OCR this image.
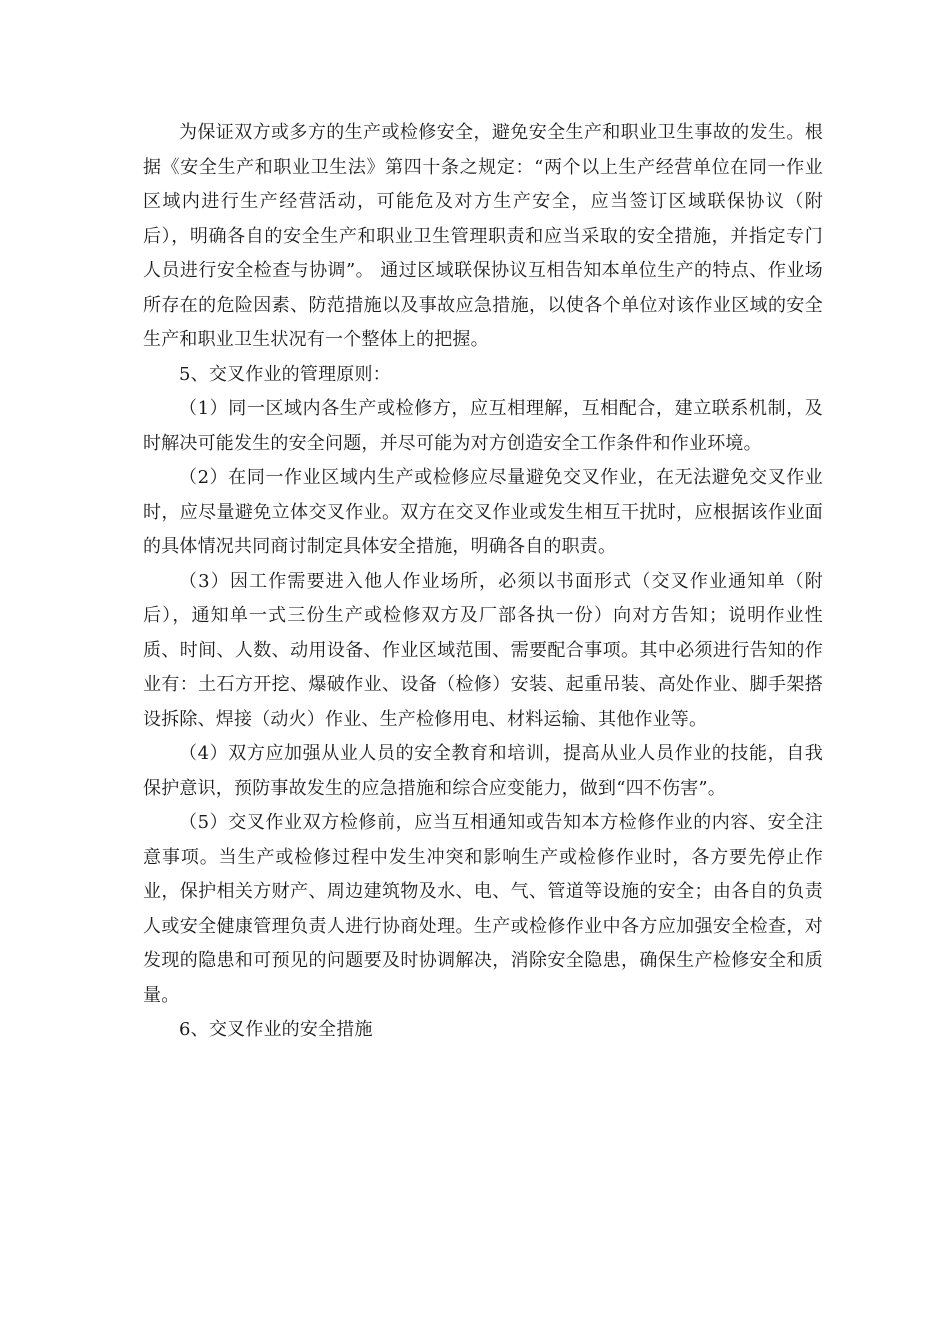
为保证双方或多方的生产或检修安全，避免安全生产和职业卫生事故的发生。根据《安全生产和职业卫生法》第四十条之规定：“两个以上生产经营单位在同一作业区域内进行生产经营活动，可能危及对方生产安全，应当签订区域联保协议（附后），明确各自的安全生产和职业卫生管理职责和应当采取的安全措施，并指定专门人员进行安全检查与协调”。 通过区域联保协议互相告知本单位生产的特点、作业场所存在的危险因素、防范措施以及事故应急措施，以使各个单位对该作业区域的安全生产和职业卫生状况有一个整体上的把握。

5、交叉作业的管理原则：

（1）同一区域内各生产或检修方，应互相理解，互相配合，建立联系机制，及时解决可能发生的安全问题，并尽可能为对方创造安全工作条件和作业环境。

（2）在同一作业区域内生产或检修应尽量避免交叉作业，在无法避免交叉作业时，应尽量避免立体交叉作业。双方在交叉作业或发生相互干扰时，应根据该作业面的具体情况共同商讨制定具体安全措施，明确各自的职责。

（3）因工作需要进入他人作业场所，必须以书面形式（交叉作业通知单（附后），通知单一式三份生产或检修双方及厂部各执一份）向对方告知；说明作业性质、时间、人数、动用设备、作业区域范围、需要配合事项。其中必须进行告知的作业有：土石方开挖、爆破作业、设备（检修）安装、起重吊装、高处作业、脚手架搭设拆除、焊接（动火）作业、生产检修用电、材料运输、其他作业等。

（4）双方应加强从业人员的安全教育和培训，提高从业人员作业的技能，自我保护意识，预防事故发生的应急措施和综合应变能力，做到“四不伤害”。

（5）交叉作业双方检修前，应当互相通知或告知本方检修作业的内容、安全注意事项。当生产或检修过程中发生冲突和影响生产或检修作业时，各方要先停止作业，保护相关方财产、周边建筑物及水、电、气、管道等设施的安全；由各自的负责人或安全健康管理负责人进行协商处理。生产或检修作业中各方应加强安全检查，对发现的隐患和可预见的问题要及时协调解决，消除安全隐患，确保生产检修安全和质量。

6、交叉作业的安全措施
